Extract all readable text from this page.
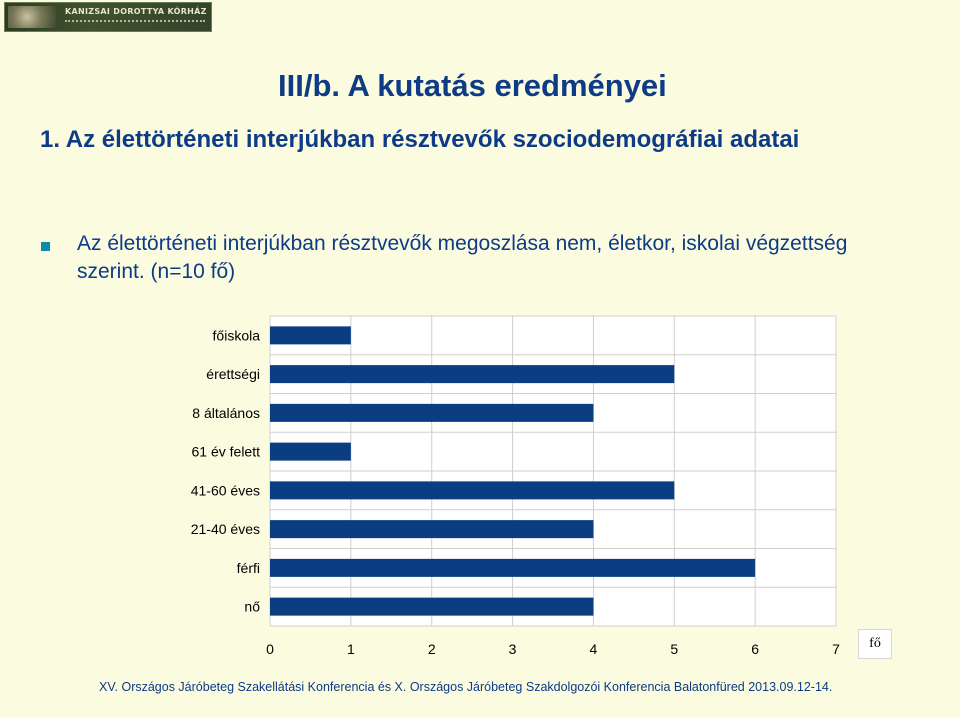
KANIZSAI DOROTTYA KÓRHÁZ
III/b. A kutatás eredményei
1. Az élettörténeti interjúkban résztvevők szociodemográfiai adatai
Az élettörténeti interjúkban résztvevők megoszlása nem, életkor, iskolai végzettség szerint. (n=10 fő)
főiskola
érettségi
8 általános
61 év felett
41-60 éves
21-40 éves
férfi
nő
0	1	2	3	4	5	6	7	fő
XV. Országos Járóbeteg Szakellátási Konferencia és X. Országos Járóbeteg Szakdolgozói Konferencia Balatonfüred 2013.09.12-14.
